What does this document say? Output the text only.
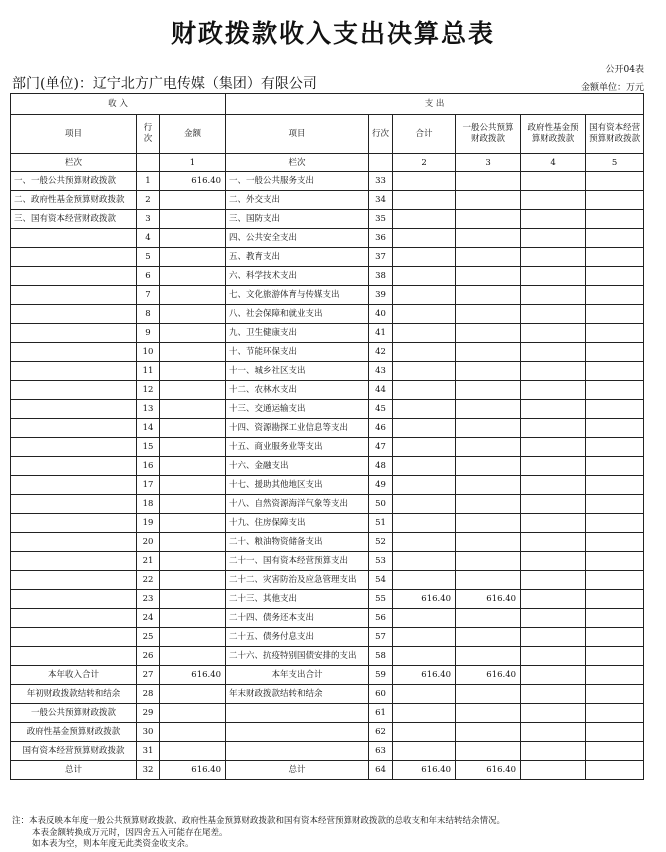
财政拨款收入支出决算总表
公开04表
部门(单位)：辽宁北方广电传媒（集团）有限公司	金额单位：万元
收 入			支 出					
项目	行次	金额	项目	行次	合计	一般公共预算财政拨款	政府性基金预算财政拨款	国有资本经营预算财政拨款
栏次		1	栏次		2	3	4	5
一、一般公共预算财政拨款	1	616.40	一、一般公共服务支出	33				
二、政府性基金预算财政拨款	2		二、外交支出	34				
三、国有资本经营财政拨款	3		三、国防支出	35				
	4		四、公共安全支出	36				
	5		五、教育支出	37				
	6		六、科学技术支出	38				
	7		七、文化旅游体育与传媒支出	39				
	8		八、社会保障和就业支出	40				
	9		九、卫生健康支出	41				
	10		十、节能环保支出	42				
	11		十一、城乡社区支出	43				
	12		十二、农林水支出	44				
	13		十三、交通运输支出	45				
	14		十四、资源勘探工业信息等支出	46				
	15		十五、商业服务业等支出	47				
	16		十六、金融支出	48				
	17		十七、援助其他地区支出	49				
	18		十八、自然资源海洋气象等支出	50				
	19		十九、住房保障支出	51				
	20		二十、粮油物资储备支出	52				
	21		二十一、国有资本经营预算支出	53				
	22		二十二、灾害防治及应急管理支出	54				
	23		二十三、其他支出	55	616.40	616.40		
	24		二十四、债务还本支出	56				
	25		二十五、债务付息支出	57				
	26		二十六、抗疫特别国债安排的支出	58				
本年收入合计	27	616.40	本年支出合计	59	616.40	616.40		
年初财政拨款结转和结余	28		年末财政拨款结转和结余	60				
一般公共预算财政拨款	29			61				
政府性基金预算财政拨款	30			62				
国有资本经营预算财政拨款	31			63				
总计	32	616.40	总计	64	616.40	616.40		
注：本表反映本年度一般公共预算财政拨款、政府性基金预算财政拨款和国有资本经营预算财政拨款的总收支和年末结转结余情况。
本表金额转换成万元时，因四舍五入可能存在尾差。
如本表为空，则本年度无此类资金收支余。
